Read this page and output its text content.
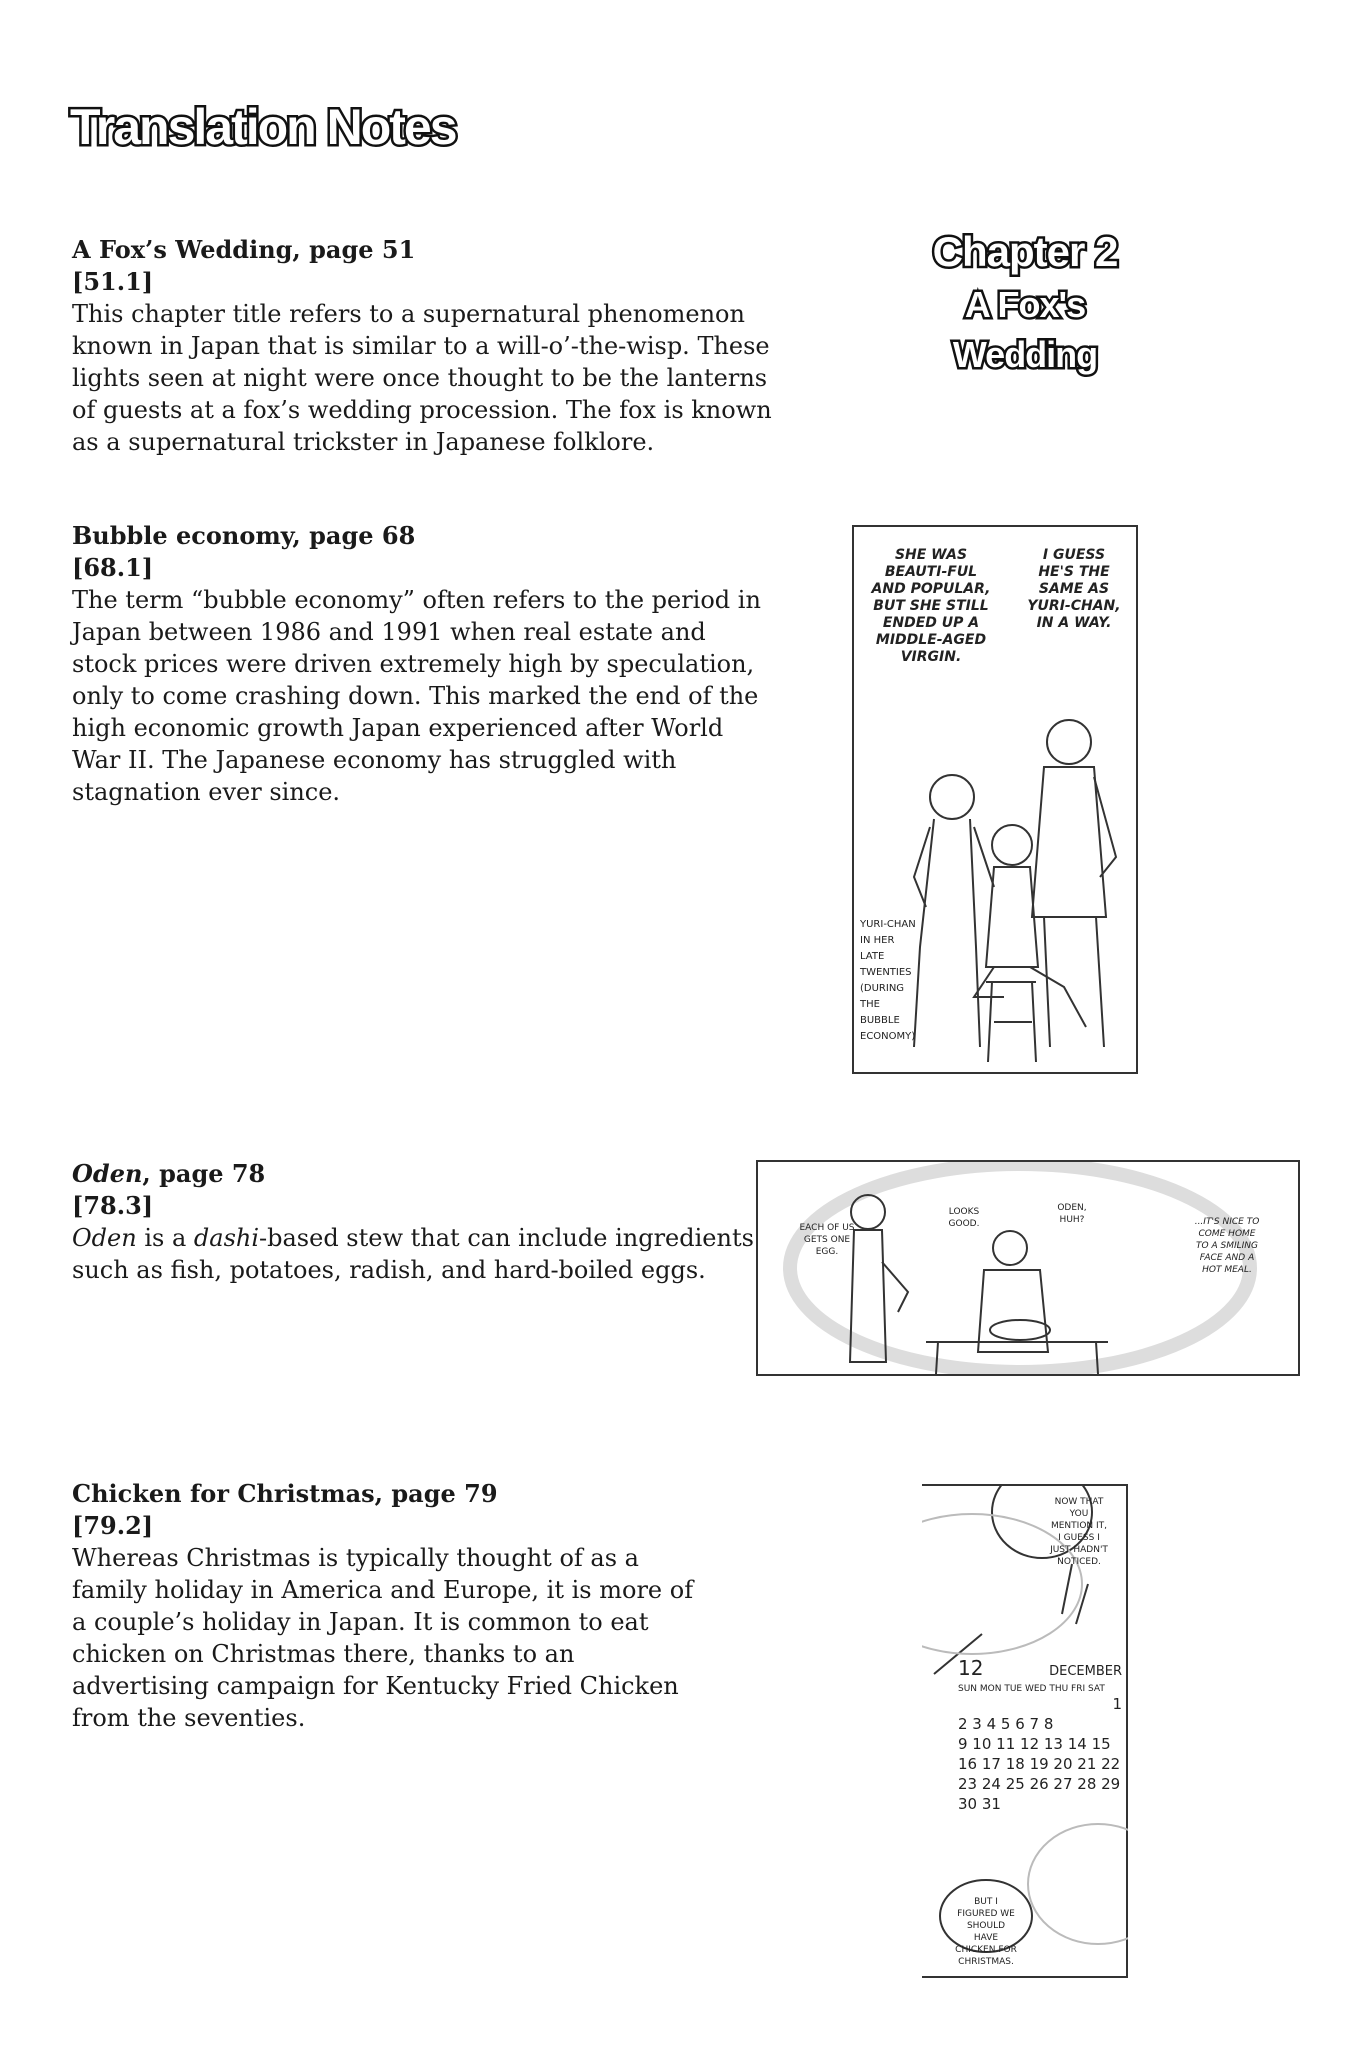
Translation Notes
A Fox’s Wedding, page 51
[51.1]

This chapter title refers to a supernatural phenomenon known in Japan that is similar to a will-o’-the-wisp. These lights seen at night were once thought to be the lanterns of guests at a fox’s wedding procession. The fox is known as a supernatural trickster in Japanese folklore.

Chapter 2
A Fox's Wedding
Bubble economy, page 68
[68.1]

The term “bubble economy” often refers to the period in Japan between 1986 and 1991 when real estate and stock prices were driven extremely high by speculation, only to come crashing down. This marked the end of the high economic growth Japan experienced after World War II. The Japanese economy has struggled with stagnation ever since.

SHE WAS BEAUTI-FUL AND POPULAR, BUT SHE STILL ENDED UP A MIDDLE-AGED VIRGIN.
I GUESS HE'S THE SAME AS YURI-CHAN, IN A WAY.
YURI-CHAN IN HER LATE TWENTIES (DURING THE BUBBLE ECONOMY)
Oden, page 78
[78.3]

Oden is a dashi-based stew that can include ingredients such as fish, potatoes, radish, and hard-boiled eggs.

EACH OF US GETS ONE EGG.
LOOKS GOOD.
ODEN, HUH?	...IT'S NICE TO COME HOME TO A SMILING FACE AND A HOT MEAL.
Chicken for Christmas, page 79
[79.2]

Whereas Christmas is typically thought of as a family holiday in America and Europe, it is more of a couple’s holiday in Japan. It is common to eat chicken on Christmas there, thanks to an advertising campaign for Kentucky Fried Chicken from the seventies.

NOW THAT YOU MENTION IT, I GUESS I JUST HADN'T NOTICED.
12	DECEMBER
SUN MON TUE WED THU FRI SAT
1
2 3 4 5 6 7 8
9 10 11 12 13 14 15
16 17 18 19 20 21 22
23 24 25 26 27 28 29
30 31
BUT I FIGURED WE SHOULD HAVE CHICKEN FOR CHRISTMAS.
